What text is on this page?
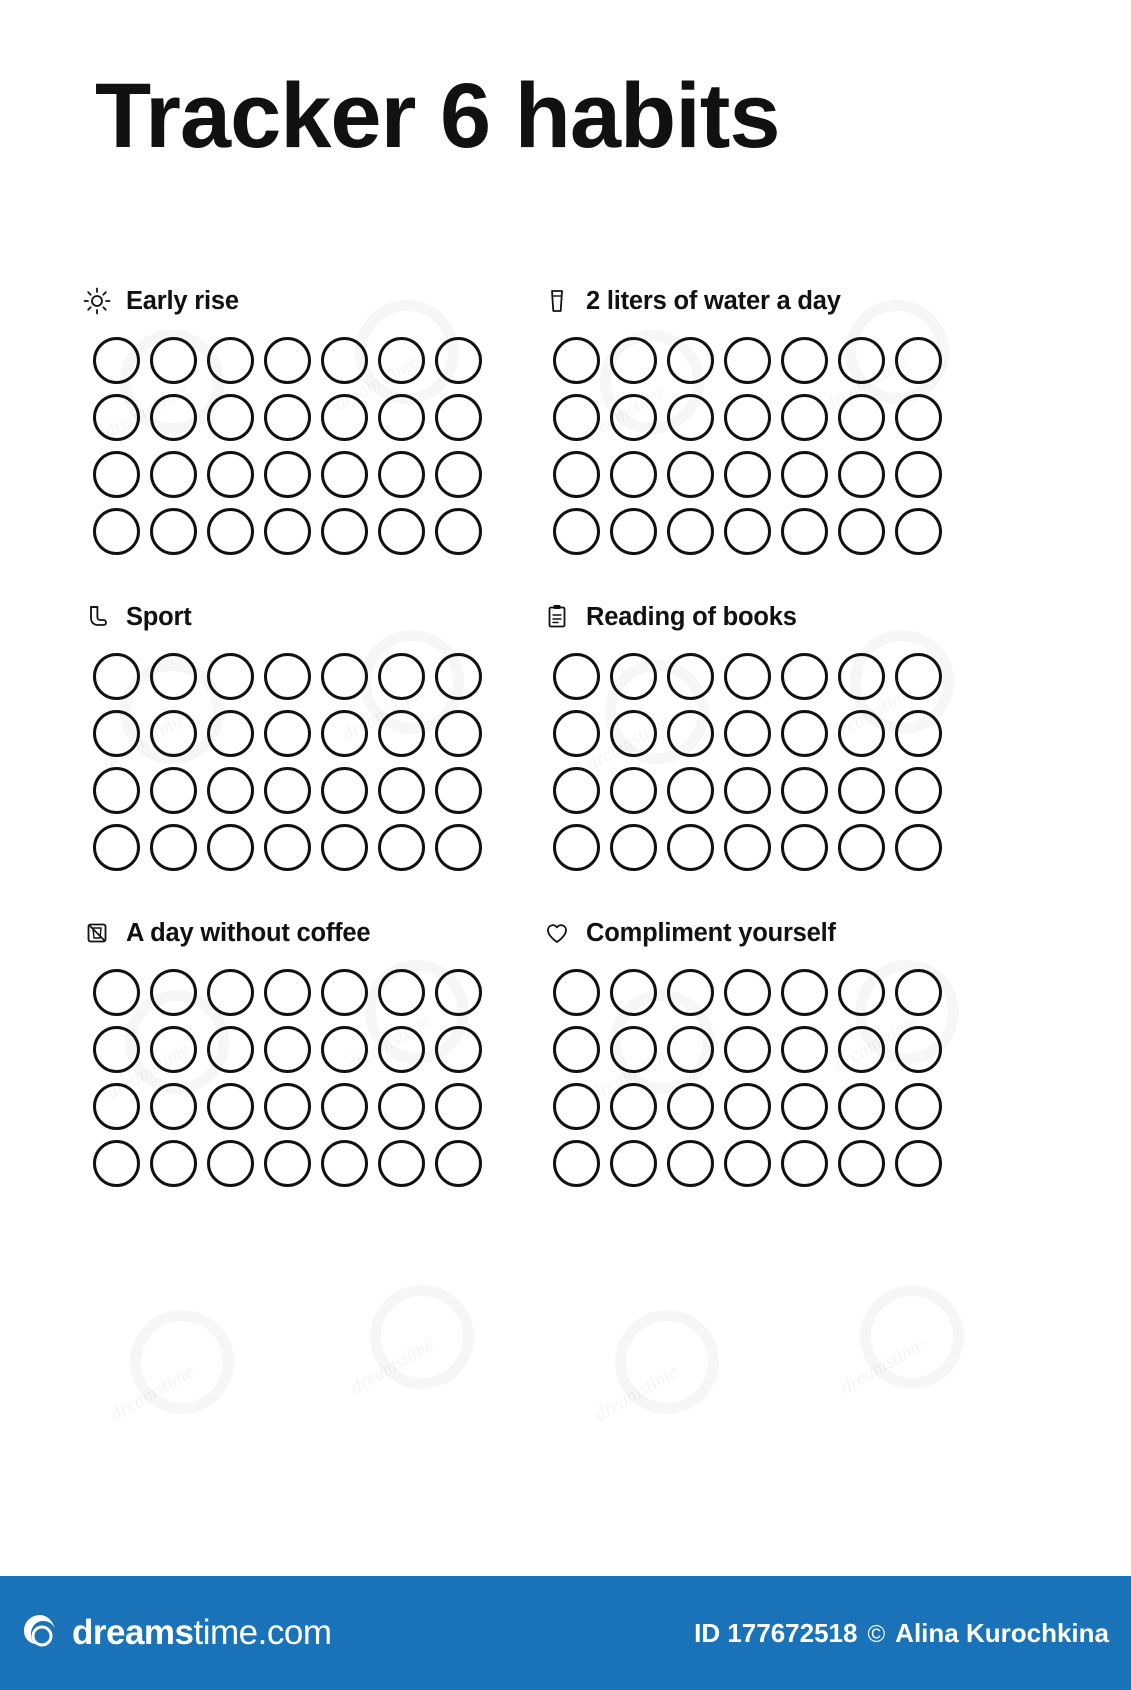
Tracker 6 habits
Early rise	2 liters of water a day
Sport	Reading of books
A day without coffee	Compliment yourself
dreamstime.com	ID 177672518 © Alina Kurochkina
